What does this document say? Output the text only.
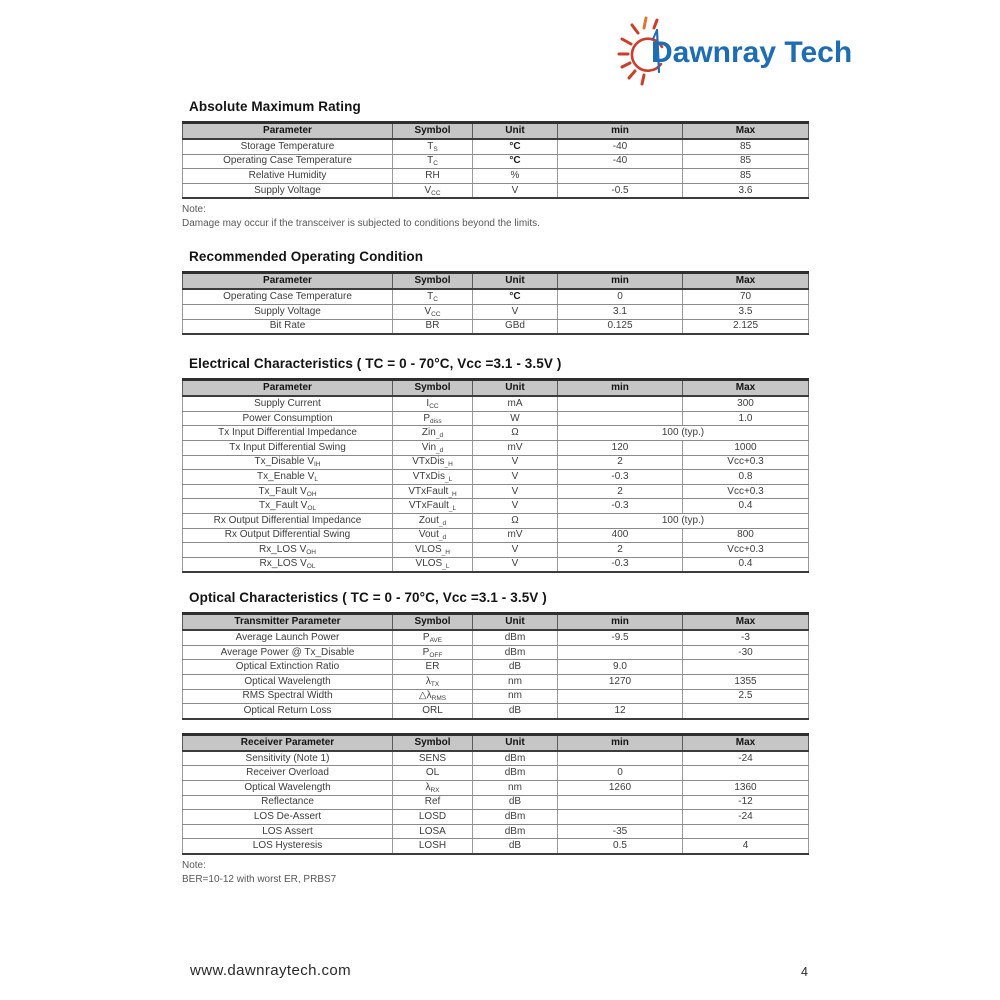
Dawnray Tech
Absolute Maximum Rating
Parameter	Symbol	Unit	min	Max
Storage Temperature	$T_S$	°C	-40	85
Operating Case Temperature	$T_C$	°C	-40	85
Relative Humidity	RH	%		85
Supply Voltage	$V_{CC}$	V	-0.5	3.6
Note:
Damage may occur if the transceiver is subjected to conditions beyond the limits.
Recommended Operating Condition
Parameter	Symbol	Unit	min	Max
Operating Case Temperature	$T_C$	°C	0	70
Supply Voltage	$V_{CC}$	V	3.1	3.5
Bit Rate	BR	GBd	0.125	2.125
Electrical Characteristics ( TC = 0 - 70°C, Vcc =3.1 - 3.5V )
Parameter	Symbol	Unit	min	Max
Supply Current	$I_{CC}$	mA		300
Power Consumption	$P_{diss}$	W		1.0
Tx Input Differential Impedance	Zin$_{\_d}$	Ω	100 (typ.)	
Tx Input Differential Swing	Vin$_{\_d}$	mV	120	1000
Tx_Disable $V_{IH}$	VTxDis$_{\_H}$	V	2	Vcc+0.3
Tx_Enable $V_L$	VTxDis$_{\_L}$	V	-0.3	0.8
Tx_Fault $V_{OH}$	VTxFault$_{\_H}$	V	2	Vcc+0.3
Tx_Fault $V_{OL}$	VTxFault$_{\_L}$	V	-0.3	0.4
Rx Output Differential Impedance	Zout$_{\_d}$	Ω	100 (typ.)	
Rx Output Differential Swing	Vout$_{\_d}$	mV	400	800
Rx_LOS $V_{OH}$	$VLOS_{\_H}$	V	2	Vcc+0.3
Rx_LOS $V_{OL}$	$VLOS_{\_L}$	V	-0.3	0.4
Optical Characteristics ( TC = 0 - 70°C, Vcc =3.1 - 3.5V )
Transmitter Parameter	Symbol	Unit	min	Max
Average Launch Power	$P_{AVE}$	dBm	-9.5	-3
Average Power @ Tx_Disable	$P_{OFF}$	dBm		-30
Optical Extinction Ratio	ER	dB	9.0	
Optical Wavelength	$\lambda_{TX}$	nm	1270	1355
RMS Spectral Width	$\triangle\lambda_{RMS}$	nm		2.5
Optical Return Loss	ORL	dB	12	
Receiver Parameter	Symbol	Unit	min	Max
Sensitivity (Note 1)	SENS	dBm		-24
Receiver Overload	OL	dBm	0	
Optical Wavelength	$\lambda_{RX}$	nm	1260	1360
Reflectance	Ref	dB		-12
LOS De-Assert	LOSD	dBm		-24
LOS Assert	LOSA	dBm	-35	
LOS Hysteresis	LOSH	dB	0.5	4
Note:
BER=10-12 with worst ER, PRBS7
www.dawnraytech.com	4
